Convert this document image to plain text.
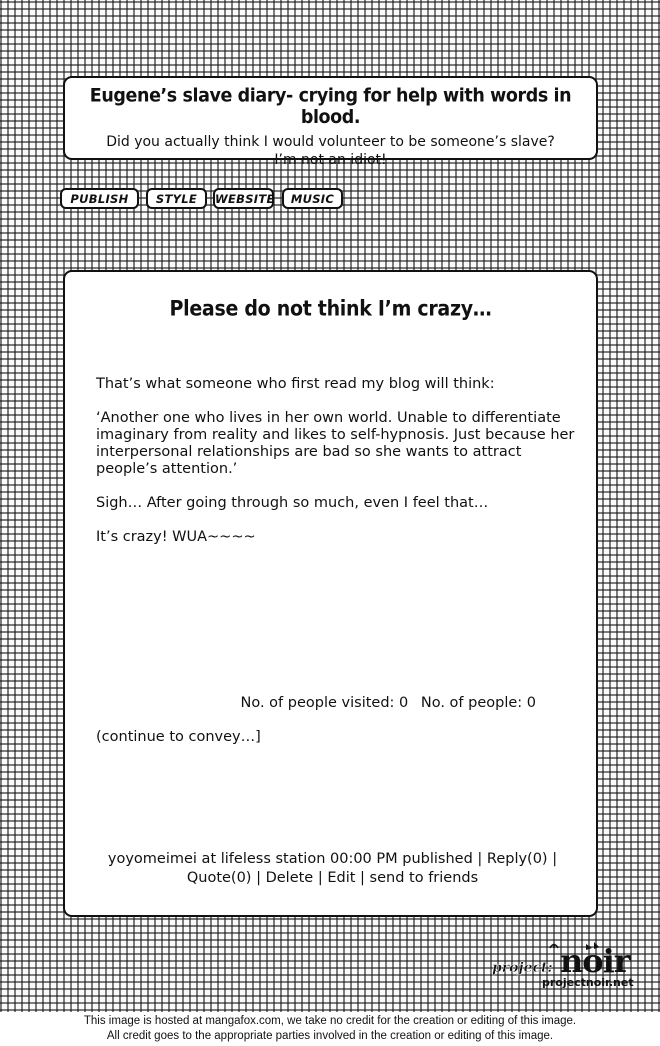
Eugene’s slave diary- crying for help with words in blood.
Did you actually think I would volunteer to be someone’s slave?
I’m not an idiot!
PUBLISH	STYLE	WEBSITE	MUSIC
Please do not think I’m crazy…

That’s what someone who first read my blog will think:

‘Another one who lives in her own world. Unable to differentiate imaginary from reality and likes to self-hypnosis. Just because her interpersonal relationships are bad so she wants to attract people’s attention.’

Sigh… After going through so much, even I feel that…

It’s crazy! WUA~~~~

No. of people visited: 0 No. of people: 0
(continue to convey…]
yoyomeimei at lifeless station 00:00 PM published | Reply(0) |
Quote(0) | Delete | Edit | send to friends
project: noir
projectnoir.net
This image is hosted at mangafox.com, we take no credit for the creation or editing of this image.
All credit goes to the appropriate parties involved in the creation or editing of this image.
